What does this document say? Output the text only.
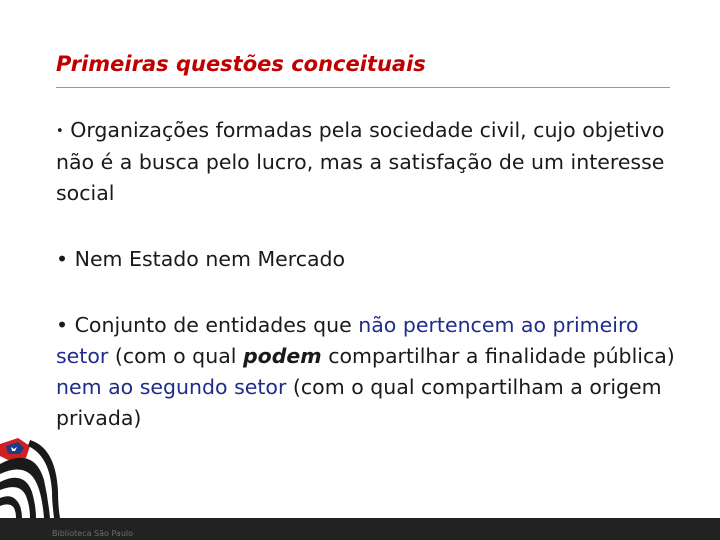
Primeiras questões conceituais

• Organizações formadas pela sociedade civil, cujo objetivo não é a busca pelo lucro, mas a satisfação de um interesse social

• Nem Estado nem Mercado

• Conjunto de entidades que não pertencem ao primeiro setor (com o qual podem compartilhar a finalidade pública) nem ao segundo setor (com o qual compartilham a origem privada)

Biblioteca São Paulo
